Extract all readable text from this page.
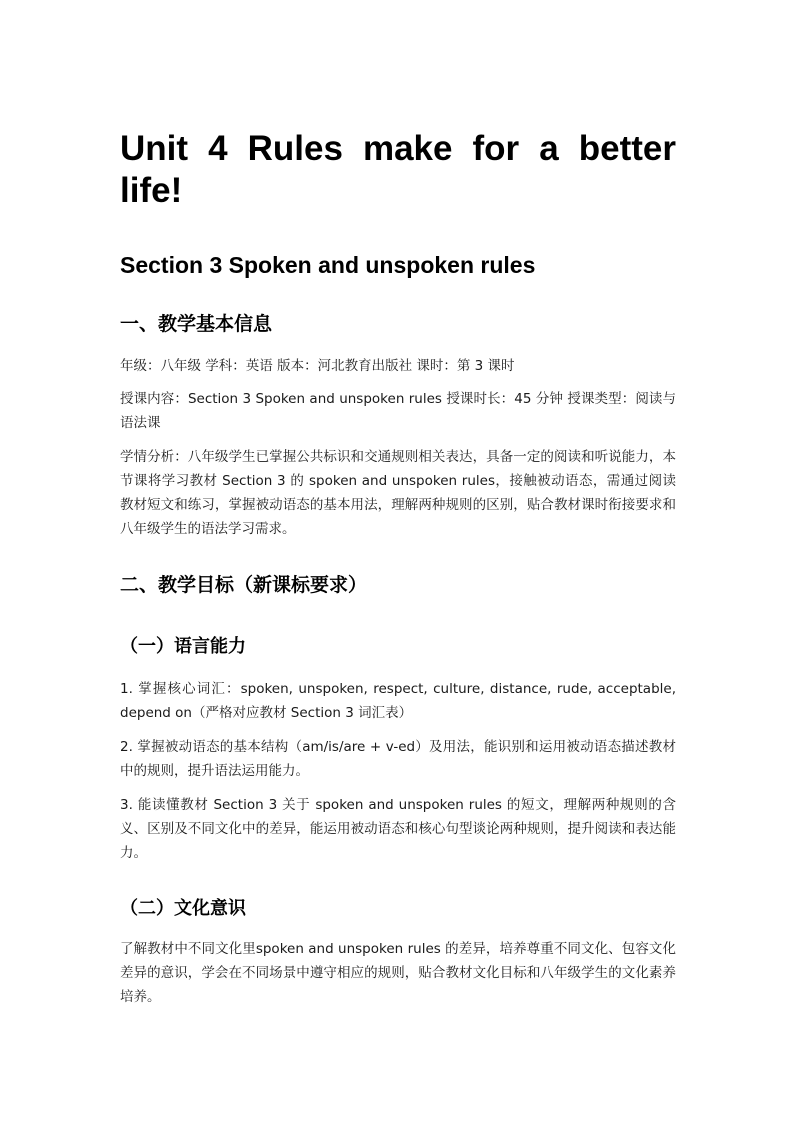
Unit 4 Rules make for a better life!
Section 3 Spoken and unspoken rules
一、教学基本信息

年级：八年级 学科：英语 版本：河北教育出版社 课时：第 3 课时

授课内容：Section 3 Spoken and unspoken rules 授课时长：45 分钟 授课类型：阅读与语法课

学情分析：八年级学生已掌握公共标识和交通规则相关表达，具备一定的阅读和听说能力，本节课将学习教材 Section 3 的 spoken and unspoken rules，接触被动语态，需通过阅读教材短文和练习，掌握被动语态的基本用法，理解两种规则的区别，贴合教材课时衔接要求和八年级学生的语法学习需求。

二、教学目标（新课标要求）
（一）语言能力

1. 掌握核心词汇：spoken, unspoken, respect, culture, distance, rude, acceptable, depend on（严格对应教材 Section 3 词汇表）

2. 掌握被动语态的基本结构（am/is/are + v-ed）及用法，能识别和运用被动语态描述教材中的规则，提升语法运用能力。

3. 能读懂教材 Section 3 关于 spoken and unspoken rules 的短文，理解两种规则的含义、区别及不同文化中的差异，能运用被动语态和核心句型谈论两种规则，提升阅读和表达能力。

（二）文化意识

了解教材中不同文化里spoken and unspoken rules 的差异，培养尊重不同文化、包容文化差异的意识，学会在不同场景中遵守相应的规则，贴合教材文化目标和八年级学生的文化素养培养。
